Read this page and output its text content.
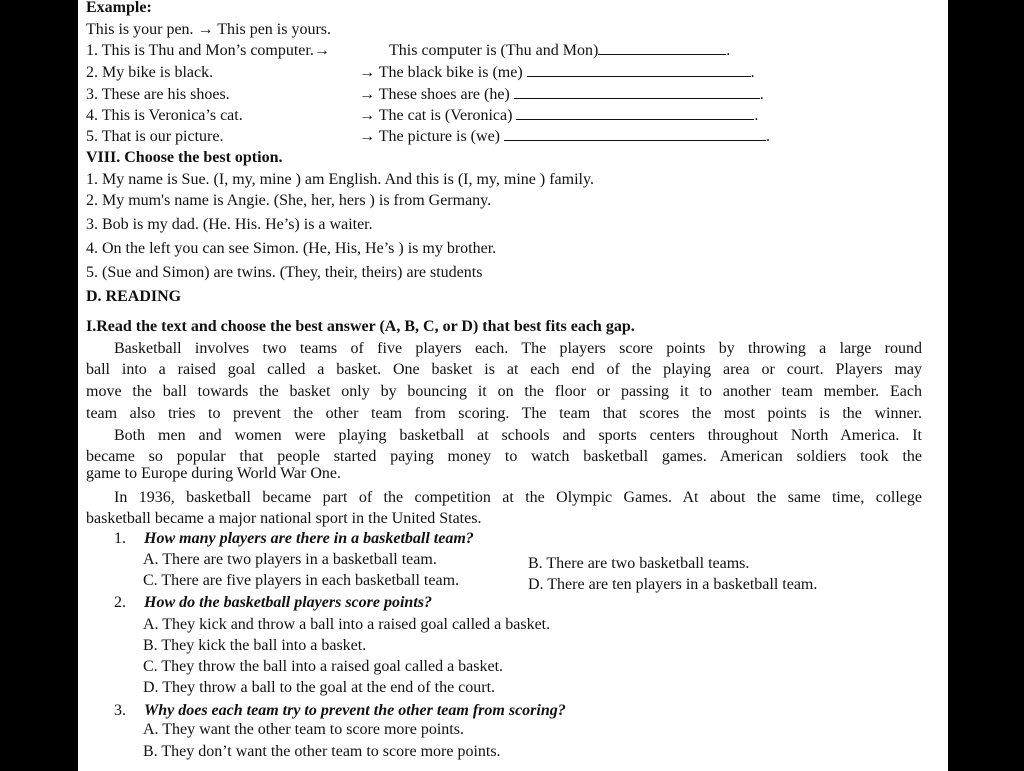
Example:
This is your pen. → This pen is yours.
1. This is Thu and Mon’s computer.→	This computer is (Thu and Mon)	.
2. My bike is black.	→ The black bike is (me)	.
3. These are his shoes.	→ These shoes are (he)	.
4. This is Veronica’s cat.	→ The cat is (Veronica)	.
5. That is our picture.	→ The picture is (we)	.
VIII. Choose the best option.
1. My name is Sue. (I, my, mine ) am English. And this is (I, my, mine ) family.
2. My mum's name is Angie. (She, her, hers ) is from Germany.
3. Bob is my dad. (He. His. He’s) is a waiter.
4. On the left you can see Simon. (He, His, He’s ) is my brother.
5. (Sue and Simon) are twins. (They, their, theirs) are students
D. READING
I.Read the text and choose the best answer (A, B, C, or D) that best fits each gap.
Basketball involves two teams of five players each. The players score points by throwing a large round
ball into a raised goal called a basket. One basket is at each end of the playing area or court. Players may
move the ball towards the basket only by bouncing it on the floor or passing it to another team member. Each
team also tries to prevent the other team from scoring. The team that scores the most points is the winner.
Both men and women were playing basketball at schools and sports centers throughout North America. It
became so popular that people started paying money to watch basketball games. American soldiers took the
game to Europe during World War One.
In 1936, basketball became part of the competition at the Olympic Games. At about the same time, college
basketball became a major national sport in the United States.
1. How many players are there in a basketball team?
A. There are two players in a basketball team.	B. There are two basketball teams.
C. There are five players in each basketball team.	D. There are ten players in a basketball team.
2. How do the basketball players score points?
A. They kick and throw a ball into a raised goal called a basket.
B. They kick the ball into a basket.
C. They throw the ball into a raised goal called a basket.
D. They throw a ball to the goal at the end of the court.
3. Why does each team try to prevent the other team from scoring?
A. They want the other team to score more points.
B. They don’t want the other team to score more points.
